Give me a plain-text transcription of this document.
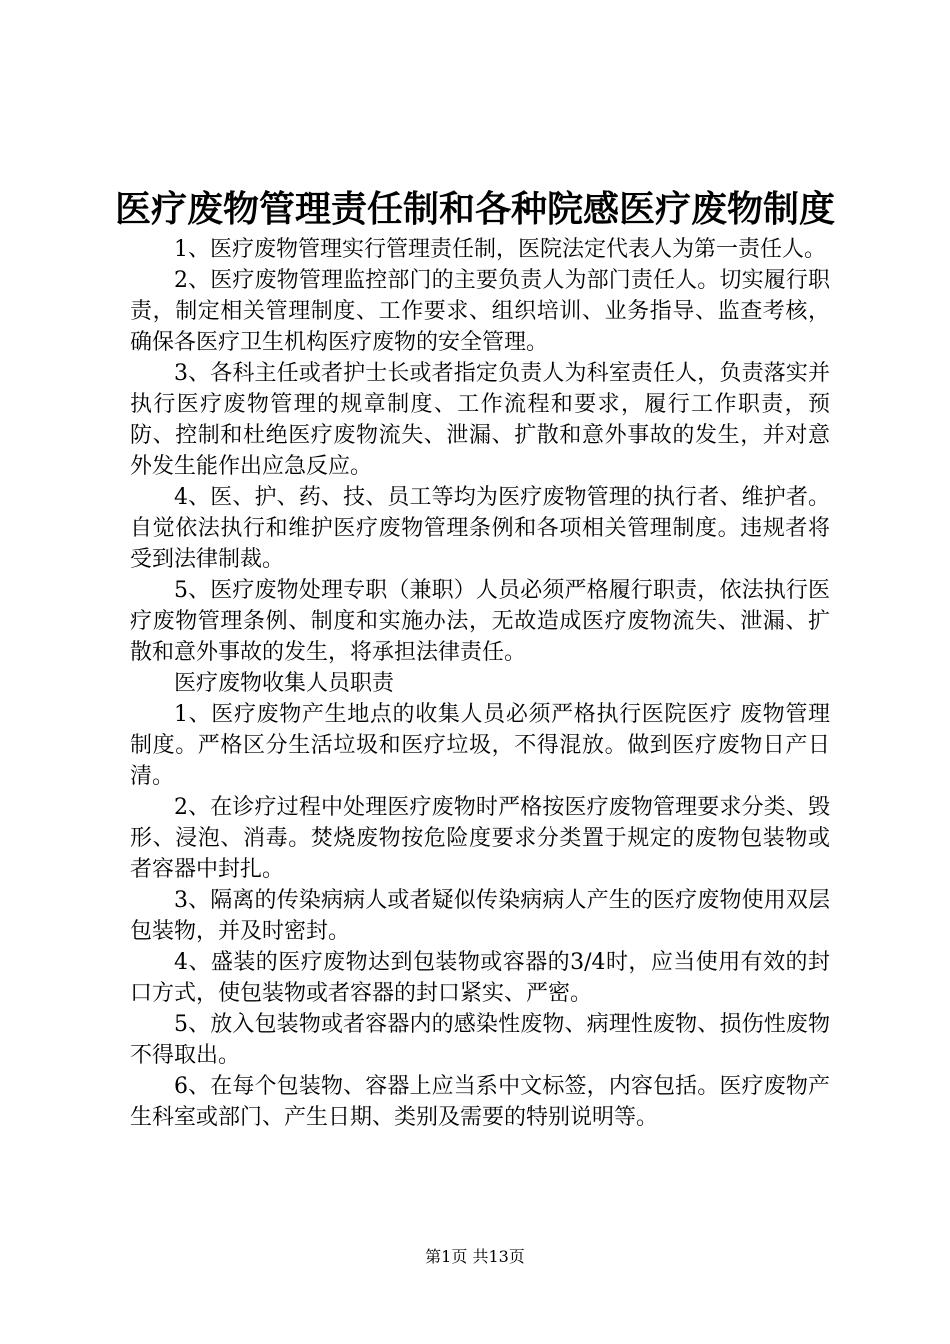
医疗废物管理责任制和各种院感医疗废物制度

1、医疗废物管理实行管理责任制，医院法定代表人为第一责任人。

2、医疗废物管理监控部门的主要负责人为部门责任人。切实履行职责，制定相关管理制度、工作要求、组织培训、业务指导、监查考核，确保各医疗卫生机构医疗废物的安全管理。

3、各科主任或者护士长或者指定负责人为科室责任人，负责落实并执行医疗废物管理的规章制度、工作流程和要求，履行工作职责，预防、控制和杜绝医疗废物流失、泄漏、扩散和意外事故的发生，并对意外发生能作出应急反应。

4、医、护、药、技、员工等均为医疗废物管理的执行者、维护者。自觉依法执行和维护医疗废物管理条例和各项相关管理制度。违规者将受到法律制裁。

5、医疗废物处理专职（兼职）人员必须严格履行职责，依法执行医疗废物管理条例、制度和实施办法，无故造成医疗废物流失、泄漏、扩散和意外事故的发生，将承担法律责任。

医疗废物收集人员职责

1、医疗废物产生地点的收集人员必须严格执行医院医疗 废物管理制度。严格区分生活垃圾和医疗垃圾，不得混放。做到医疗废物日产日清。

2、在诊疗过程中处理医疗废物时严格按医疗废物管理要求分类、毁形、浸泡、消毒。焚烧废物按危险度要求分类置于规定的废物包装物或者容器中封扎。

3、隔离的传染病病人或者疑似传染病病人产生的医疗废物使用双层包装物，并及时密封。

4、盛装的医疗废物达到包装物或容器的3/4时，应当使用有效的封口方式，使包装物或者容器的封口紧实、严密。

5、放入包装物或者容器内的感染性废物、病理性废物、损伤性废物不得取出。

6、在每个包装物、容器上应当系中文标签，内容包括。医疗废物产生科室或部门、产生日期、类别及需要的特别说明等。

第1页 共13页
